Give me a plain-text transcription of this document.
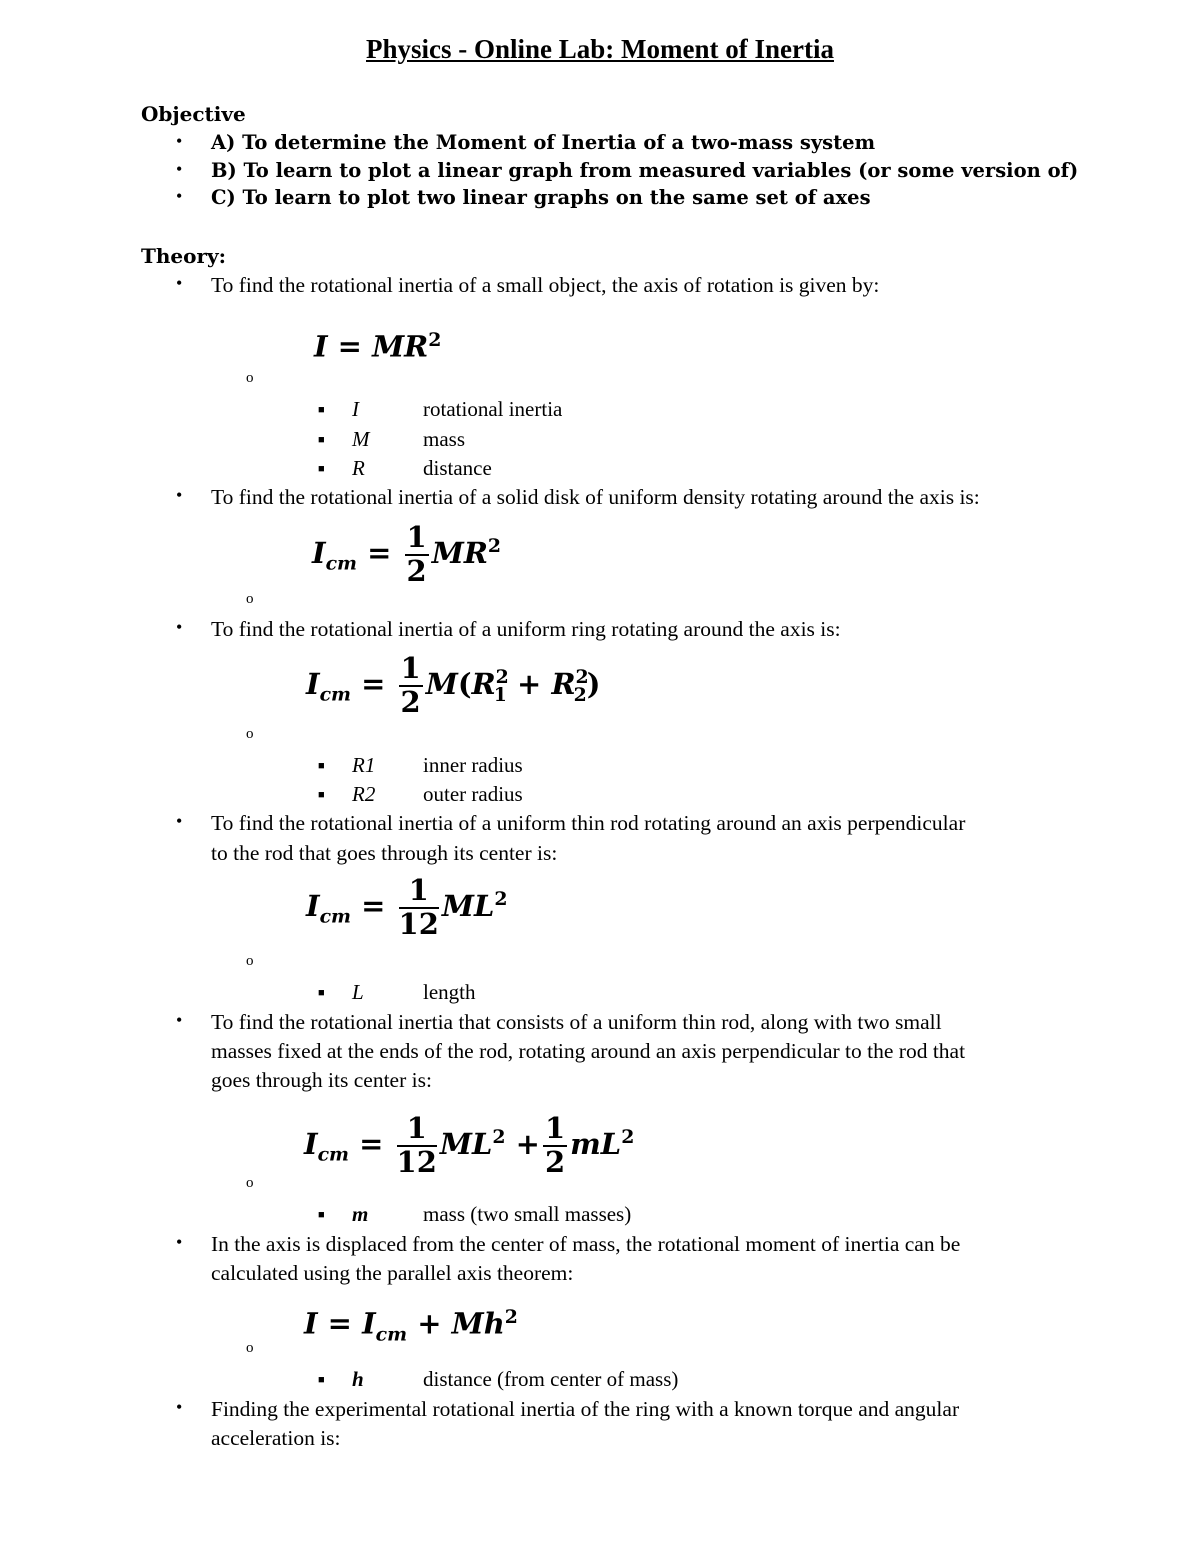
Physics - Online Lab: Moment of Inertia
Objective
• A) To determine the Moment of Inertia of a two-mass system
• B) To learn to plot a linear graph from measured variables (or some version of)
• C) To learn to plot two linear graphs on the same set of axes
Theory:
• To find the rotational inertia of a small object, the axis of rotation is given by:
$I = MR^2$
o
■ I	rotational inertia
■ M	mass
■ R	distance
• To find the rotational inertia of a solid disk of uniform density rotating around the axis is:
$I_{cm} = \frac{1}{2} MR^2$
o
• To find the rotational inertia of a uniform ring rotating around the axis is:
$I_{cm} = \frac{1}{2} M(R^2_1 + R^2_2)$
o
■ R1 inner radius
■ R2 outer radius
• To find the rotational inertia of a uniform thin rod rotating around an axis perpendicular
to the rod that goes through its center is:
$I_{cm} = \frac{1}{12} ML^2$
o
■ L	length
• To find the rotational inertia that consists of a uniform thin rod, along with two small
masses fixed at the ends of the rod, rotating around an axis perpendicular to the rod that
goes through its center is:
$I_{cm} = \frac{1}{12} ML^2 + \frac{1}{2} mL^2$
o
■ m	mass (two small masses)
• In the axis is displaced from the center of mass, the rotational moment of inertia can be
calculated using the parallel axis theorem:
$I = I_{cm} + Mh^2$
o
■ h	distance (from center of mass)
• Finding the experimental rotational inertia of the ring with a known torque and angular
acceleration is:
